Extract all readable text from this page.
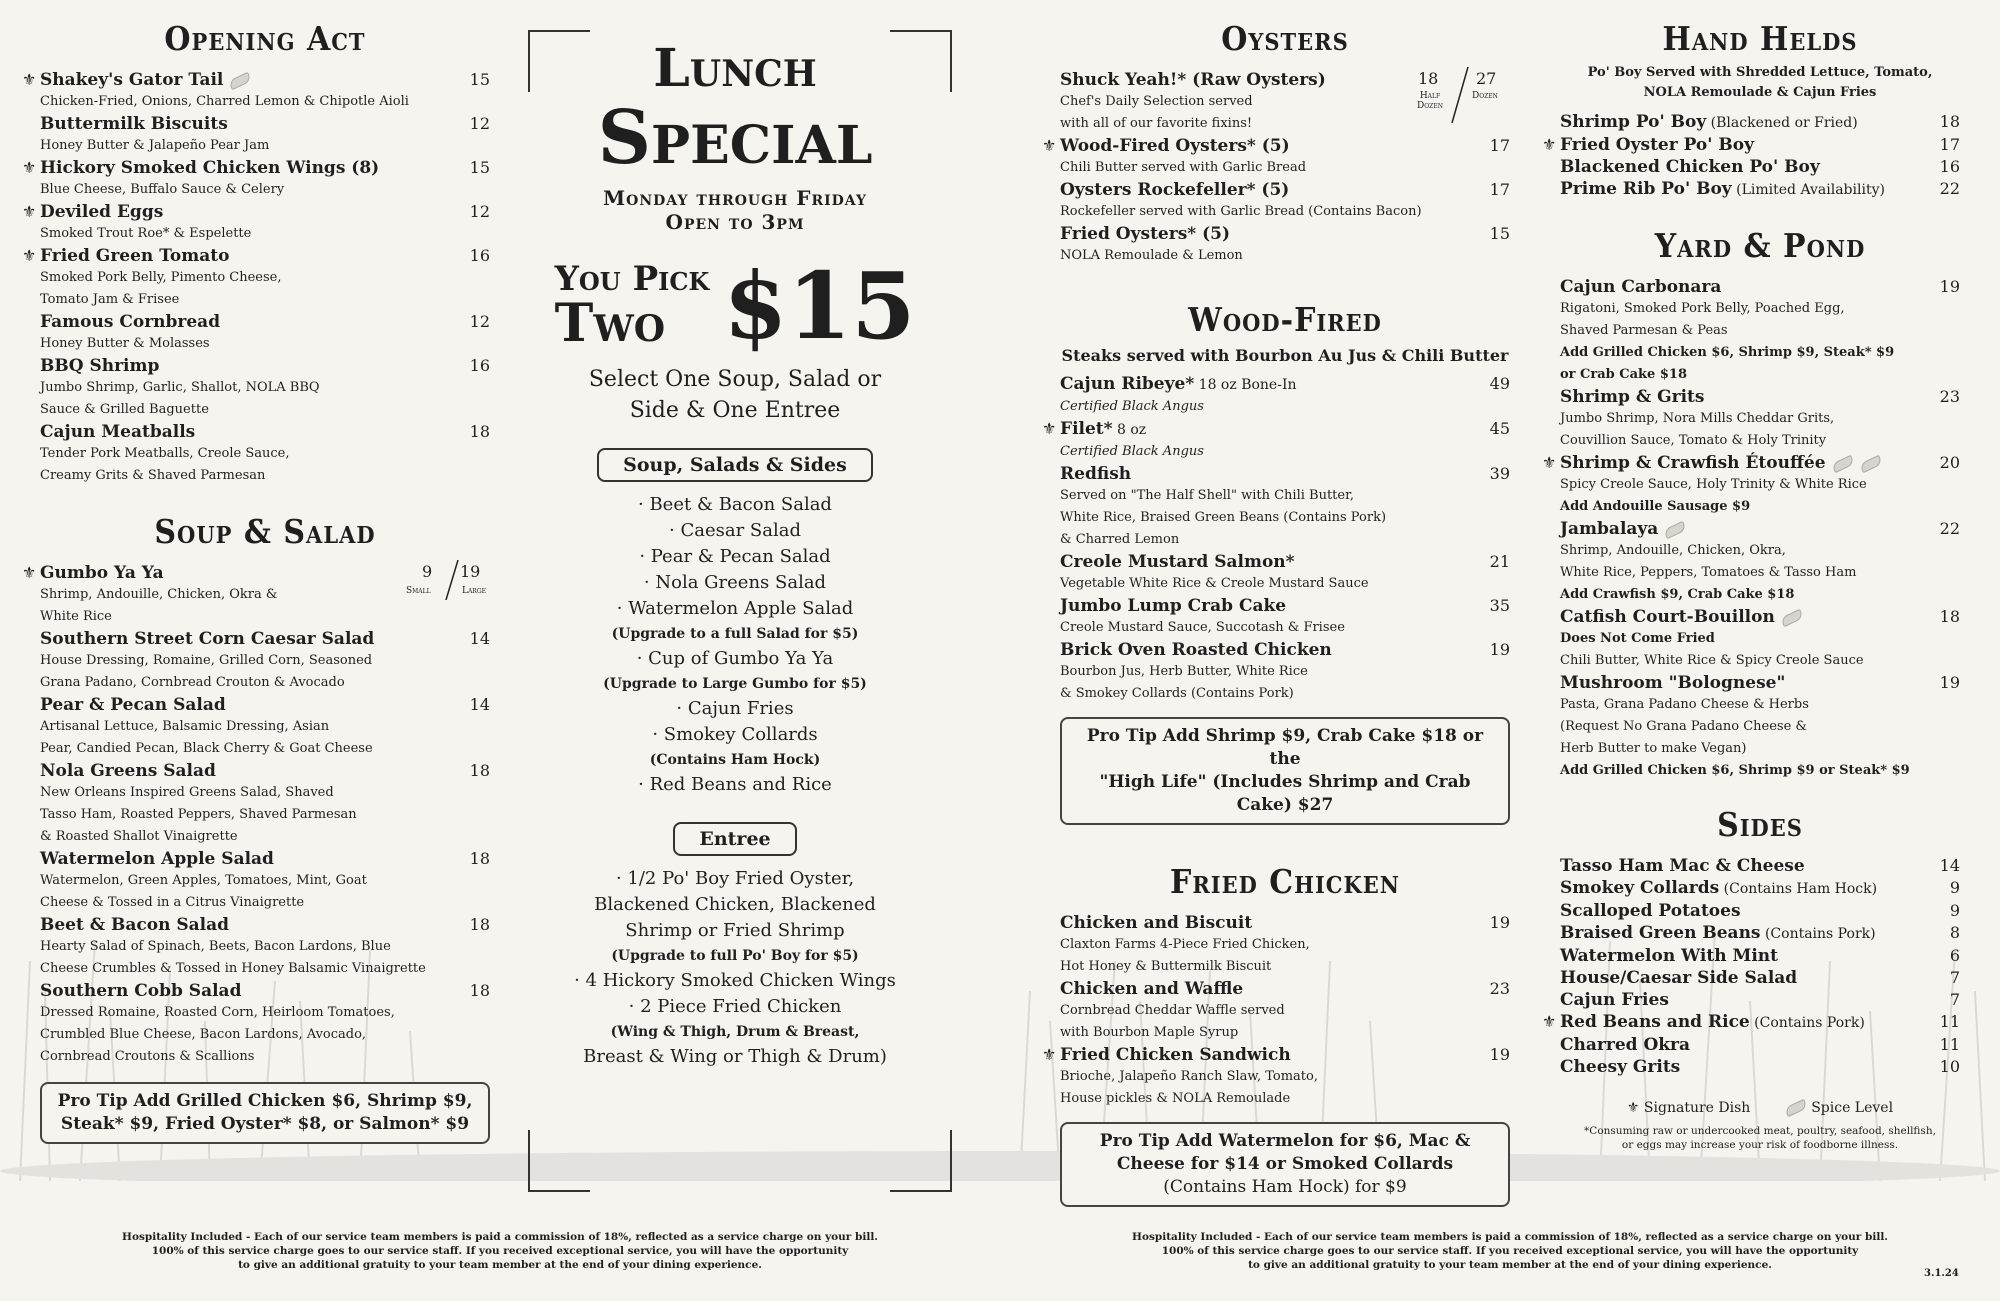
Opening Act
⚜ Shakey's Gator Tail	15

Chicken-Fried, Onions, Charred Lemon & Chipotle Aioli

Buttermilk Biscuits	12

Honey Butter & Jalapeño Pear Jam

⚜ Hickory Smoked Chicken Wings (8)	15

Blue Cheese, Buffalo Sauce & Celery

⚜ Deviled Eggs	12

Smoked Trout Roe* & Espelette

⚜ Fried Green Tomato	16

Smoked Pork Belly, Pimento Cheese,

Tomato Jam & Frisee

Famous Cornbread	12

Honey Butter & Molasses

BBQ Shrimp	16

Jumbo Shrimp, Garlic, Shallot, NOLA BBQ

Sauce & Grilled Baguette

Cajun Meatballs	18

Tender Pork Meatballs, Creole Sauce,

Creamy Grits & Shaved Parmesan

Soup & Salad
⚜ Gumbo Ya Ya	9 19
Small	Large

Shrimp, Andouille, Chicken, Okra &

White Rice

Southern Street Corn Caesar Salad	14

House Dressing, Romaine, Grilled Corn, Seasoned

Grana Padano, Cornbread Crouton & Avocado

Pear & Pecan Salad	14

Artisanal Lettuce, Balsamic Dressing, Asian

Pear, Candied Pecan, Black Cherry & Goat Cheese

Nola Greens Salad	18

New Orleans Inspired Greens Salad, Shaved

Tasso Ham, Roasted Peppers, Shaved Parmesan

& Roasted Shallot Vinaigrette

Watermelon Apple Salad	18

Watermelon, Green Apples, Tomatoes, Mint, Goat

Cheese & Tossed in a Citrus Vinaigrette

Beet & Bacon Salad	18

Hearty Salad of Spinach, Beets, Bacon Lardons, Blue

Cheese Crumbles & Tossed in Honey Balsamic Vinaigrette

Southern Cobb Salad	18

Dressed Romaine, Roasted Corn, Heirloom Tomatoes,

Crumbled Blue Cheese, Bacon Lardons, Avocado,

Cornbread Croutons & Scallions

Pro Tip Add Grilled Chicken $6, Shrimp $9,
Steak* $9, Fried Oyster* $8, or Salmon* $9
Lunch
Special
Monday through Friday
Open to 3pm
You Pick
Two $15
Select One Soup, Salad or
Side & One Entree
Soup, Salads & Sides
· Beet & Bacon Salad
· Caesar Salad
· Pear & Pecan Salad
· Nola Greens Salad
· Watermelon Apple Salad
(Upgrade to a full Salad for $5)
· Cup of Gumbo Ya Ya
(Upgrade to Large Gumbo for $5)
· Cajun Fries
· Smokey Collards
(Contains Ham Hock)
· Red Beans and Rice
Entree
· 1/2 Po' Boy Fried Oyster,
Blackened Chicken, Blackened
Shrimp or Fried Shrimp
(Upgrade to full Po' Boy for $5)
· 4 Hickory Smoked Chicken Wings
· 2 Piece Fried Chicken
(Wing & Thigh, Drum & Breast,
Breast & Wing or Thigh & Drum)
Oysters
Shuck Yeah!* (Raw Oysters)

Chef's Daily Selection served

with all of our favorite fixins!

18 27
Half Dozen
Dozen
⚜ Wood-Fired Oysters* (5)	17

Chili Butter served with Garlic Bread

Oysters Rockefeller* (5)	17

Rockefeller served with Garlic Bread (Contains Bacon)

Fried Oysters* (5)	15

NOLA Remoulade & Lemon

Wood-Fired
Steaks served with Bourbon Au Jus & Chili Butter
Cajun Ribeye* 18 oz Bone-In	49

Certified Black Angus

⚜ Filet* 8 oz	45

Certified Black Angus

Redfish	39

Served on "The Half Shell" with Chili Butter,

White Rice, Braised Green Beans (Contains Pork)

& Charred Lemon

Creole Mustard Salmon*	21

Vegetable White Rice & Creole Mustard Sauce

Jumbo Lump Crab Cake	35

Creole Mustard Sauce, Succotash & Frisee

Brick Oven Roasted Chicken	19

Bourbon Jus, Herb Butter, White Rice

& Smokey Collards (Contains Pork)

Pro Tip Add Shrimp $9, Crab Cake $18 or the
"High Life" (Includes Shrimp and Crab Cake) $27
Fried Chicken
Chicken and Biscuit	19

Claxton Farms 4-Piece Fried Chicken,

Hot Honey & Buttermilk Biscuit

Chicken and Waffle	23

Cornbread Cheddar Waffle served

with Bourbon Maple Syrup

⚜ Fried Chicken Sandwich	19

Brioche, Jalapeño Ranch Slaw, Tomato,

House pickles & NOLA Remoulade

Pro Tip Add Watermelon for $6, Mac &
Cheese for $14 or Smoked Collards
(Contains Ham Hock) for $9
Hand Helds
Po' Boy Served with Shredded Lettuce, Tomato,
NOLA Remoulade & Cajun Fries
Shrimp Po' Boy (Blackened or Fried)	18
⚜ Fried Oyster Po' Boy	17
Blackened Chicken Po' Boy	16
Prime Rib Po' Boy (Limited Availability)	22
Yard & Pond
Cajun Carbonara	19

Rigatoni, Smoked Pork Belly, Poached Egg,

Shaved Parmesan & Peas

Add Grilled Chicken $6, Shrimp $9, Steak* $9

or Crab Cake $18

Shrimp & Grits	23

Jumbo Shrimp, Nora Mills Cheddar Grits,

Couvillion Sauce, Tomato & Holy Trinity

⚜ Shrimp & Crawfish Étouffée	20

Spicy Creole Sauce, Holy Trinity & White Rice

Add Andouille Sausage $9

Jambalaya	22

Shrimp, Andouille, Chicken, Okra,

White Rice, Peppers, Tomatoes & Tasso Ham

Add Crawfish $9, Crab Cake $18

Catfish Court-Bouillon	18

Does Not Come Fried

Chili Butter, White Rice & Spicy Creole Sauce

Mushroom "Bolognese"	19

Pasta, Grana Padano Cheese & Herbs

(Request No Grana Padano Cheese &

Herb Butter to make Vegan)

Add Grilled Chicken $6, Shrimp $9 or Steak* $9

Sides
Tasso Ham Mac & Cheese	14
Smokey Collards (Contains Ham Hock)	9
Scalloped Potatoes	9
Braised Green Beans (Contains Pork)	8
Watermelon With Mint	6
House/Caesar Side Salad	7
Cajun Fries	7
⚜ Red Beans and Rice (Contains Pork)	11
Charred Okra	11
Cheesy Grits	10
⚜ Signature Dish	Spice Level
*Consuming raw or undercooked meat, poultry, seafood, shellfish,
or eggs may increase your risk of foodborne illness.
Hospitality Included - Each of our service team members is paid a commission of 18%, reflected as a service charge on your bill.
100% of this service charge goes to our service staff. If you received exceptional service, you will have the opportunity
to give an additional gratuity to your team member at the end of your dining experience.
Hospitality Included - Each of our service team members is paid a commission of 18%, reflected as a service charge on your bill.
100% of this service charge goes to our service staff. If you received exceptional service, you will have the opportunity
to give an additional gratuity to your team member at the end of your dining experience.
3.1.24
